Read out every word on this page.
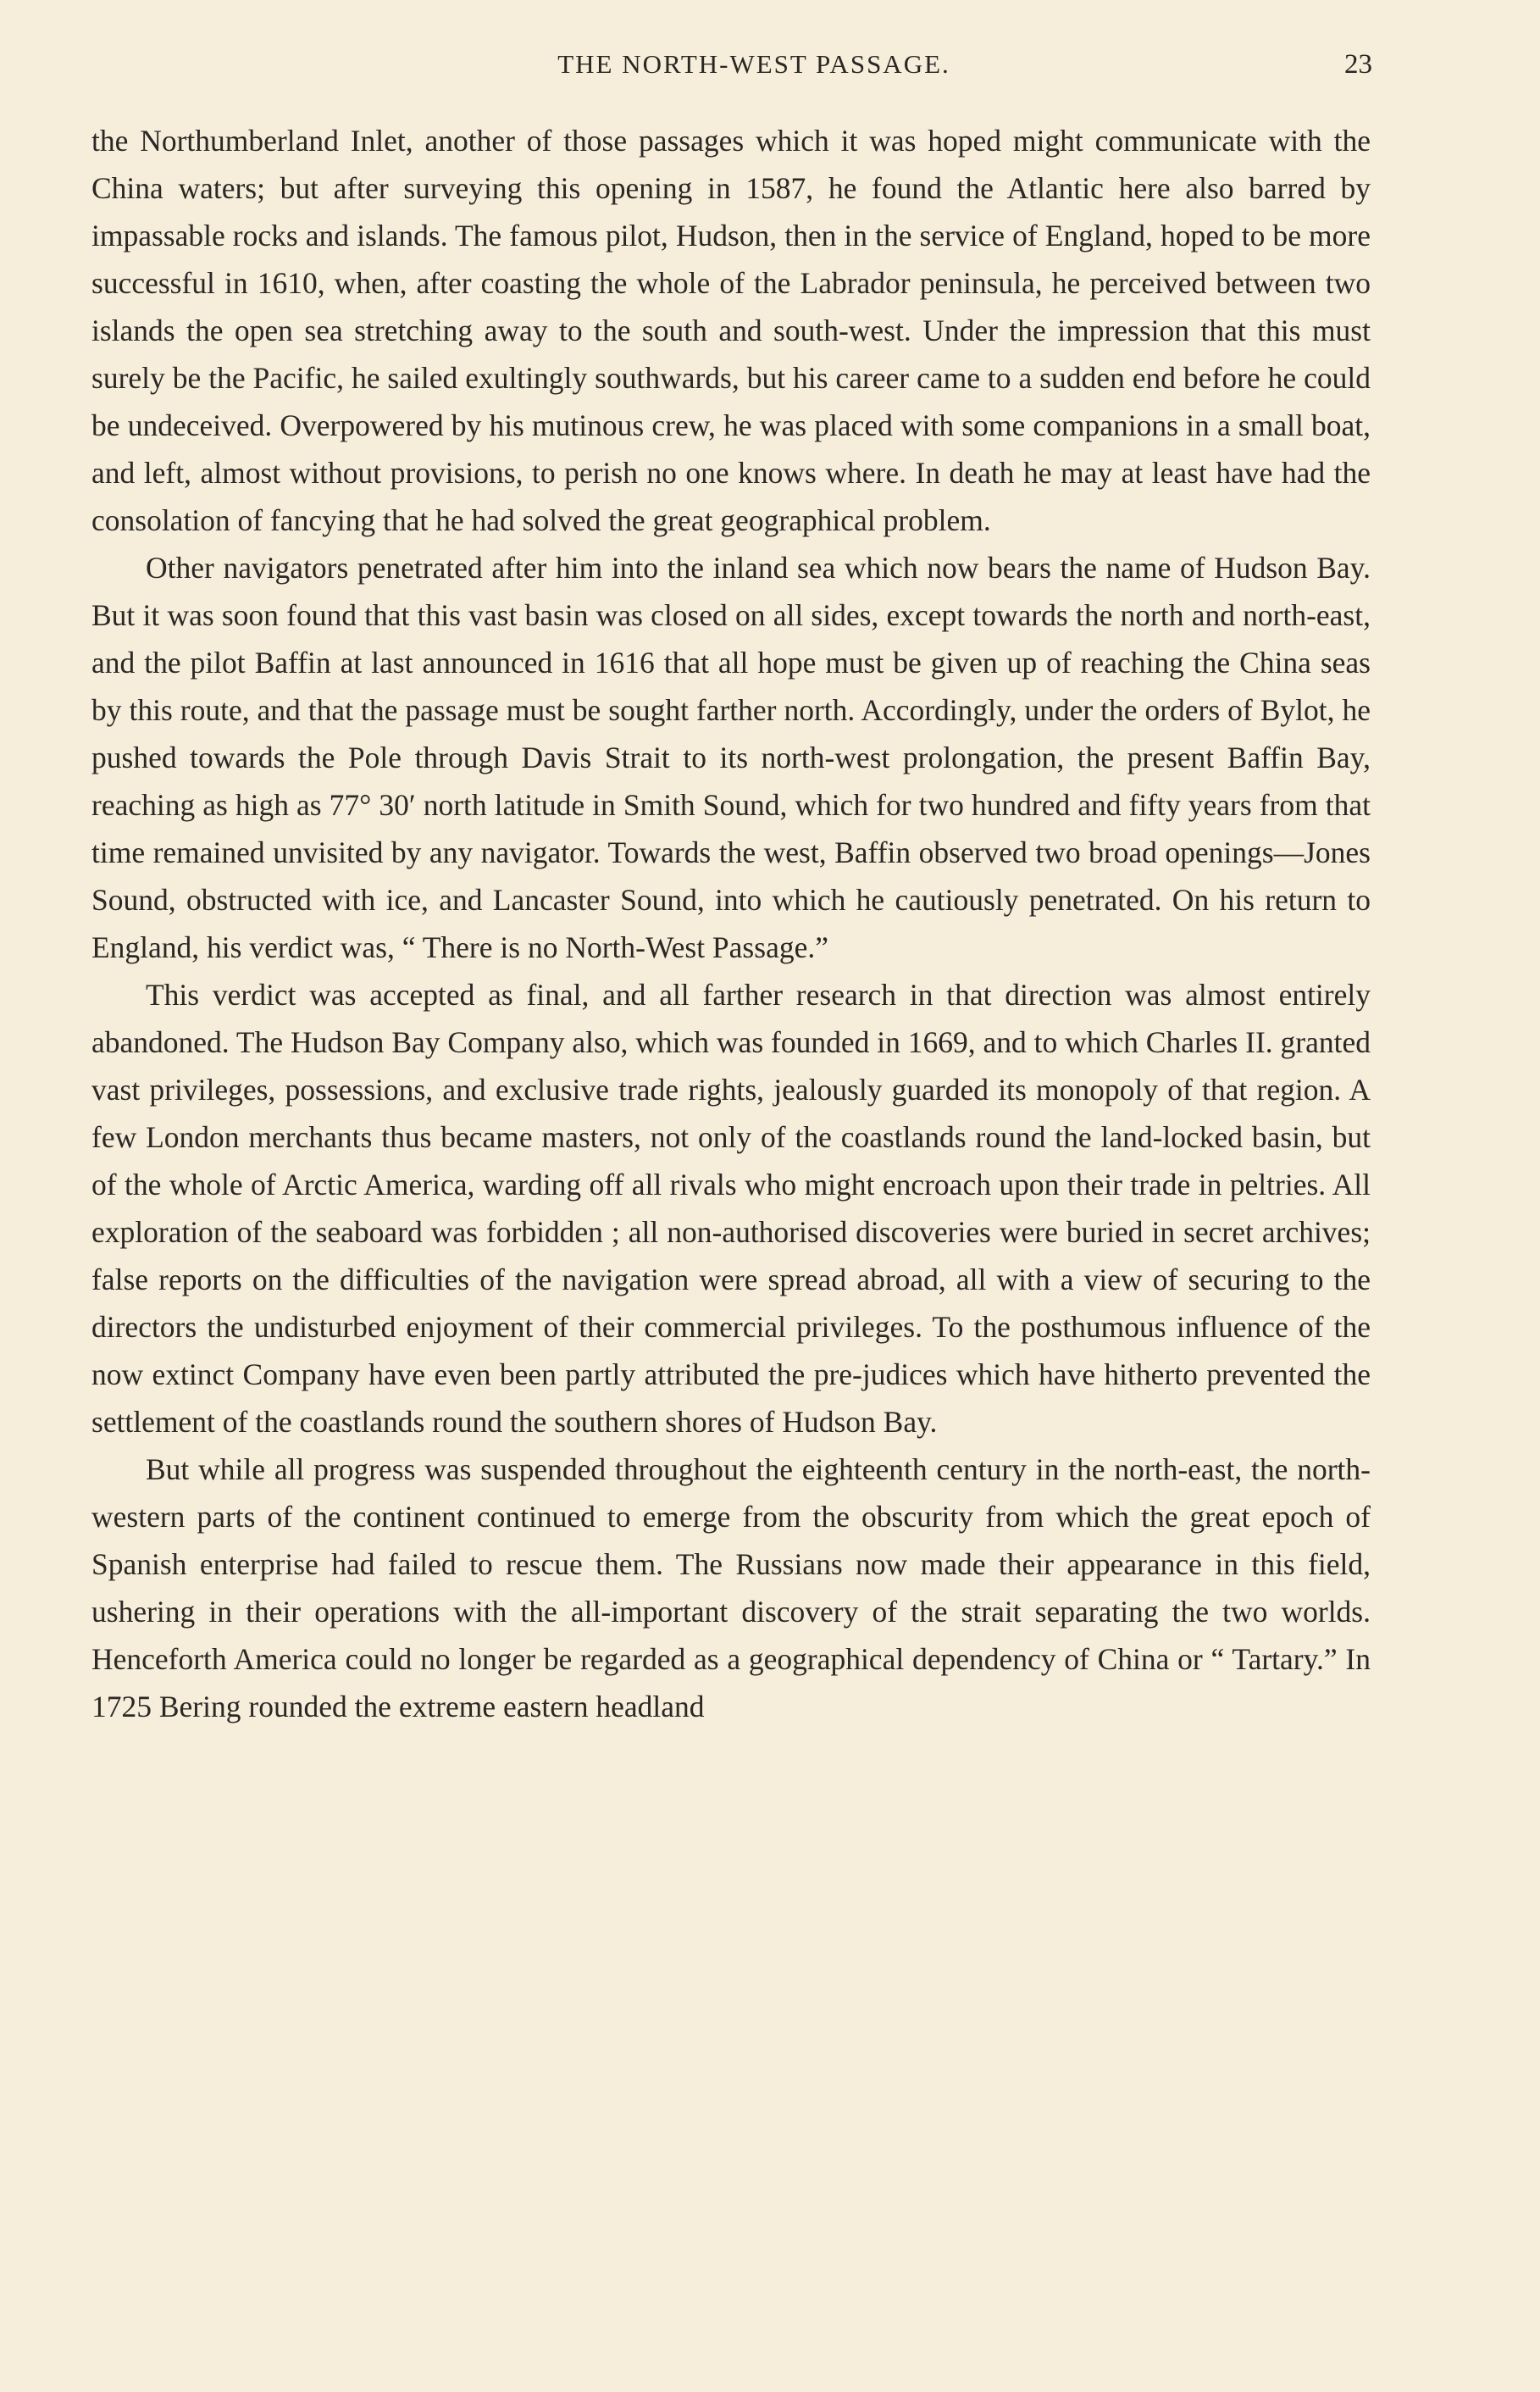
THE NORTH-WEST PASSAGE.	23

the Northumberland Inlet, another of those passages which it was hoped might communicate with the China waters; but after surveying this opening in 1587, he found the Atlantic here also barred by impassable rocks and islands. The famous pilot, Hudson, then in the service of England, hoped to be more successful in 1610, when, after coasting the whole of the Labrador peninsula, he perceived between two islands the open sea stretching away to the south and south-west. Under the impression that this must surely be the Pacific, he sailed exultingly southwards, but his career came to a sudden end before he could be undeceived. Overpowered by his mutinous crew, he was placed with some companions in a small boat, and left, almost without provisions, to perish no one knows where. In death he may at least have had the consolation of fancying that he had solved the great geographical problem.

Other navigators penetrated after him into the inland sea which now bears the name of Hudson Bay. But it was soon found that this vast basin was closed on all sides, except towards the north and north-east, and the pilot Baffin at last announced in 1616 that all hope must be given up of reaching the China seas by this route, and that the passage must be sought farther north. Accordingly, under the orders of Bylot, he pushed towards the Pole through Davis Strait to its north-west prolongation, the present Baffin Bay, reaching as high as 77° 30′ north latitude in Smith Sound, which for two hundred and fifty years from that time remained unvisited by any navigator. Towards the west, Baffin observed two broad openings—Jones Sound, obstructed with ice, and Lancaster Sound, into which he cautiously penetrated. On his return to England, his verdict was, “ There is no North-West Passage.”

This verdict was accepted as final, and all farther research in that direction was almost entirely abandoned. The Hudson Bay Company also, which was founded in 1669, and to which Charles II. granted vast privileges, possessions, and exclusive trade rights, jealously guarded its monopoly of that region. A few London merchants thus became masters, not only of the coastlands round the land-locked basin, but of the whole of Arctic America, warding off all rivals who might encroach upon their trade in peltries. All exploration of the seaboard was forbidden ; all non-authorised discoveries were buried in secret archives; false reports on the difficulties of the navigation were spread abroad, all with a view of securing to the directors the undisturbed enjoyment of their commercial privileges. To the posthumous influence of the now extinct Company have even been partly attributed the pre-judices which have hitherto prevented the settlement of the coastlands round the southern shores of Hudson Bay.

But while all progress was suspended throughout the eighteenth century in the north-east, the north-western parts of the continent continued to emerge from the obscurity from which the great epoch of Spanish enterprise had failed to rescue them. The Russians now made their appearance in this field, ushering in their operations with the all-important discovery of the strait separating the two worlds. Henceforth America could no longer be regarded as a geographical dependency of China or “ Tartary.” In 1725 Bering rounded the extreme eastern headland
